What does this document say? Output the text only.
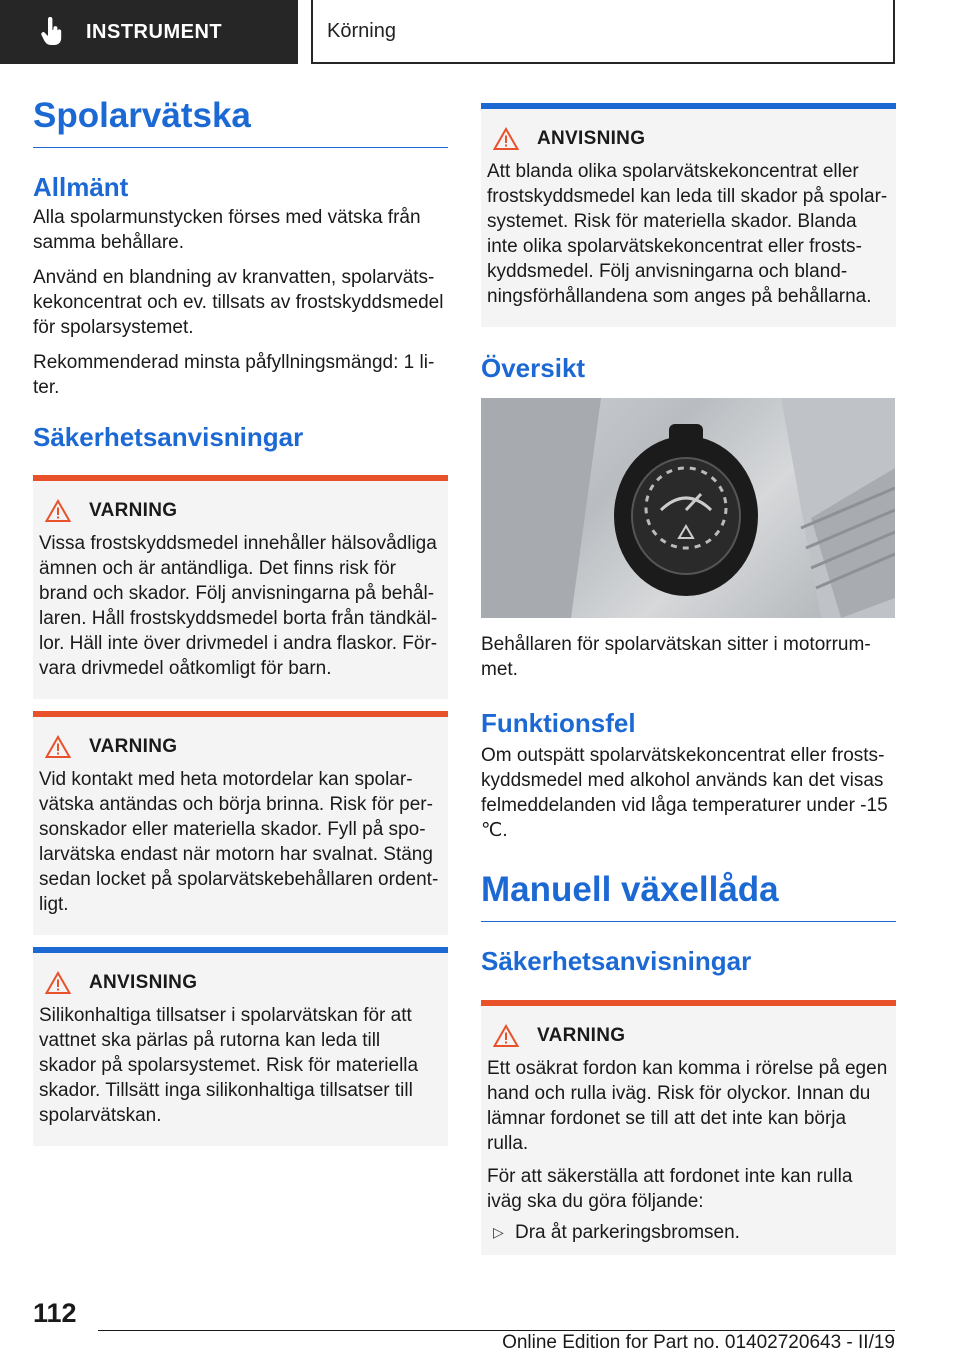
INSTRUMENT	Körning
Spolarvätska
Allmänt

Alla spolarmunstycken förses med vätska från samma behållare.

Använd en blandning av kranvatten, spolarvätskekoncentrat och ev. tillsats av frostskyddsmedel för spolarsystemet.

Rekommenderad minsta påfyllningsmängd: 1 liter.

Säkerhetsanvisningar
VARNING

Vissa frostskyddsmedel innehåller hälsovådliga ämnen och är antändliga. Det finns risk för brand och skador. Följ anvisningarna på behållaren. Håll frostskyddsmedel borta från tändkällor. Häll inte över drivmedel i andra flaskor. Förvara drivmedel oåtkomligt för barn.

VARNING

Vid kontakt med heta motordelar kan spolarvätska antändas och börja brinna. Risk för personskador eller materiella skador. Fyll på spolarvätska endast när motorn har svalnat. Stäng sedan locket på spolarvätskebehållaren ordentligt.

ANVISNING

Silikonhaltiga tillsatser i spolarvätskan för att vattnet ska pärlas på rutorna kan leda till skador på spolarsystemet. Risk för materiella skador. Tillsätt inga silikonhaltiga tillsatser till spolarvätskan.

ANVISNING

Att blanda olika spolarvätskekoncentrat eller frostskyddsmedel kan leda till skador på spolarsystemet. Risk för materiella skador. Blanda inte olika spolarvätskekoncentrat eller frostskyddsmedel. Följ anvisningarna och blandningsförhållandena som anges på behållarna.

Översikt

Behållaren för spolarvätskan sitter i motorrummet.

Funktionsfel

Om outspätt spolarvätskekoncentrat eller frostskyddsmedel med alkohol används kan det visas felmeddelanden vid låga temperaturer under -15 ℃.

Manuell växellåda
Säkerhetsanvisningar
VARNING

Ett osäkrat fordon kan komma i rörelse på egen hand och rulla iväg. Risk för olyckor. Innan du lämnar fordonet se till att det inte kan börja rulla.

För att säkerställa att fordonet inte kan rulla iväg ska du göra följande:

▷ Dra åt parkeringsbromsen.

112
Online Edition for Part no. 01402720643 - II/19
